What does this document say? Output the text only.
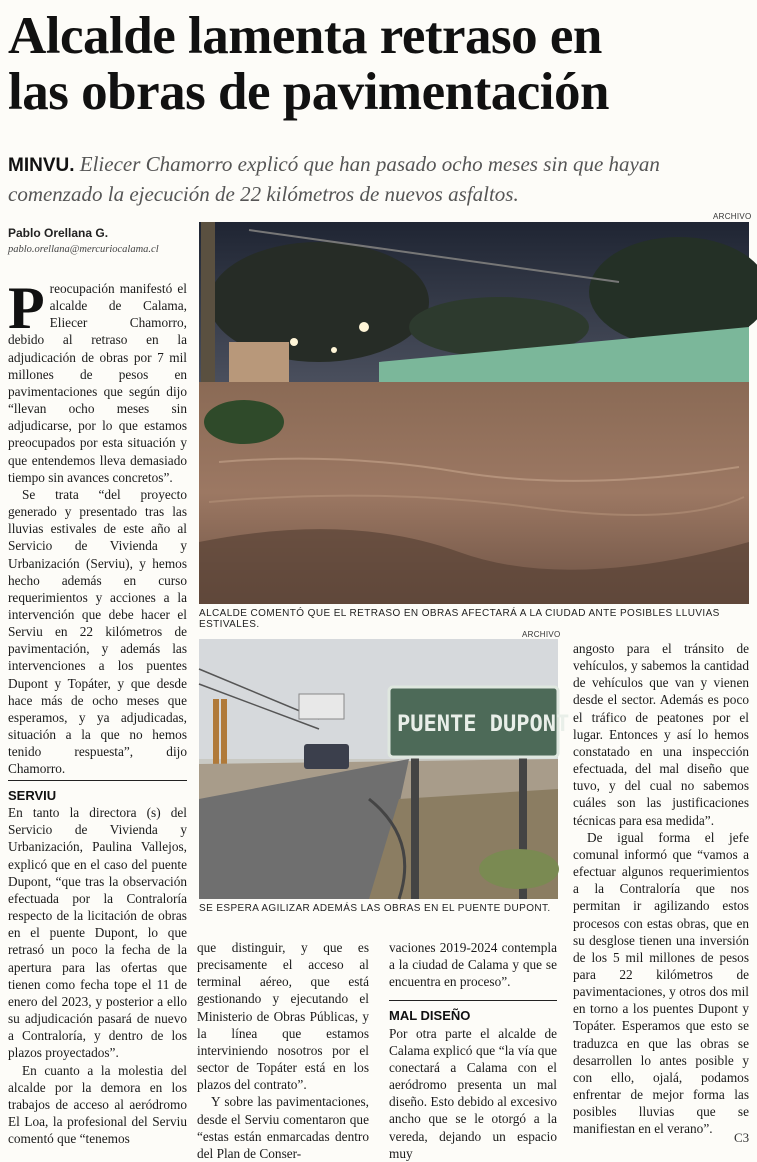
Alcalde lamenta retraso en
las obras de pavimentación
MINVU. Eliecer Chamorro explicó que han pasado ocho meses sin que hayan comenzado la ejecución de 22 kilómetros de nuevos asfaltos.
Pablo Orellana G.
pablo.orellana@mercuriocalama.cl

Preocupación manifestó el alcalde de Calama, Eliecer Chamorro, debido al retraso en la adjudicación de obras por 7 mil millones de pesos en pavimentaciones que según dijo “llevan ocho meses sin adjudicarse, por lo que estamos preocupados por esta situación y que entendemos lleva demasiado tiempo sin avances concretos”.

Se trata “del proyecto generado y presentado tras las lluvias estivales de este año al Servicio de Vivienda y Urbanización (Serviu), y hemos hecho además en curso requerimientos y acciones a la intervención que debe hacer el Serviu en 22 kilómetros de pavimentación, y además las intervenciones a los puentes Dupont y Topáter, y que desde hace más de ocho meses que esperamos, y ya adjudicadas, situación a la que no hemos tenido respuesta”, dijo Chamorro.

SERVIU

En tanto la directora (s) del Servicio de Vivienda y Urbanización, Paulina Vallejos, explicó que en el caso del puente Dupont, “que tras la observación efectuada por la Contraloría respecto de la licitación de obras en el puente Dupont, lo que retrasó un poco la fecha de la apertura para las ofertas que tienen como fecha tope el 11 de enero del 2023, y posterior a ello su adjudicación pasará de nuevo a Contraloría, y dentro de los plazos proyectados”.

En cuanto a la molestia del alcalde por la demora en los trabajos de acceso al aeródromo El Loa, la profesional del Serviu comentó que “tenemos

que distinguir, y que es precisamente el acceso al terminal aéreo, que está gestionando y ejecutando el Ministerio de Obras Públicas, y la línea que estamos interviniendo nosotros por el sector de Topáter está en los plazos del contrato”.

Y sobre las pavimentaciones, desde el Serviu comentaron que “estas están enmarcadas dentro del Plan de Conser-

vaciones 2019-2024 contempla a la ciudad de Calama y que se encuentra en proceso”.

MAL DISEÑO

Por otra parte el alcalde de Calama explicó que “la vía que conectará a Calama con el aeródromo presenta un mal diseño. Esto debido al excesivo ancho que se le otorgó a la vereda, dejando un espacio muy

angosto para el tránsito de vehículos, y sabemos la cantidad de vehículos que van y vienen desde el sector. Además es poco el tráfico de peatones por el lugar. Entonces y así lo hemos constatado en una inspección efectuada, del mal diseño que tuvo, y del cual no sabemos cuáles son las justificaciones técnicas para esa medida”.

De igual forma el jefe comunal informó que “vamos a efectuar algunos requerimientos a la Contraloría que nos permitan ir agilizando estos procesos con estas obras, que en su desglose tienen una inversión de los 5 mil millones de pesos para 22 kilómetros de pavimentaciones, y otros dos mil en torno a los puentes Dupont y Topáter. Esperamos que esto se traduzca en que las obras se desarrollen lo antes posible y con ello, ojalá, podamos enfrentar de mejor forma las posibles lluvias que se manifiestan en el verano”.

ARCHIVO
ALCALDE COMENTÓ QUE EL RETRASO EN OBRAS AFECTARÁ A LA CIUDAD ANTE POSIBLES LLUVIAS ESTIVALES.
ARCHIVO
PUENTE DUPONT
SE ESPERA AGILIZAR ADEMÁS LAS OBRAS EN EL PUENTE DUPONT.
C3
